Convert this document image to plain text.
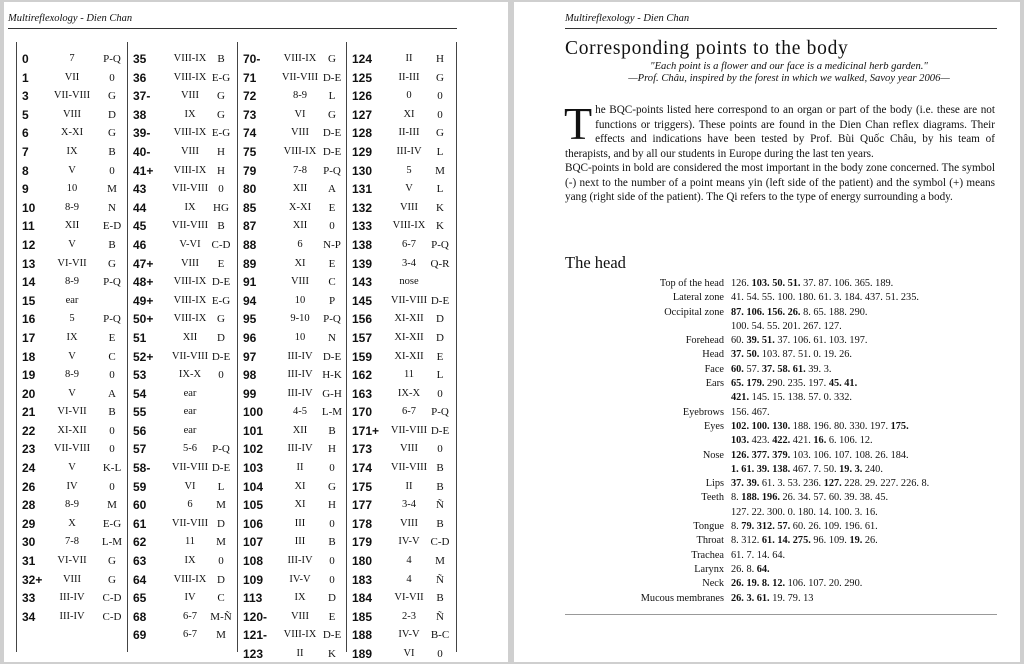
Multireflexology - Dien Chan
0	7	P-Q
1	VII	0
3 VII-VIII G
5	VIII D
6	X-XI G
7	IX	B
8	V	0
9	10	M
10	8-9	N
11	XII E-D
12	V	B
13 VI-VII G
14	8-9 P-Q
15	ear
16	5	P-Q
17	IX	E
18	V	C
19	8-9	0
20	V	A
21 VI-VII B
22 XI-XII 0
23 VII-VIII 0
24	V K-L
26	IV	0
28	8-9	M
29	X E-G
30	7-8 L-M
31 VI-VII G
32+ VIII G
33 III-IV C-D
34 III-IV C-D
35	VIII-IX B
36	VIII-IX E-G
37-	VIII G
38	IX G
39- VIII-IX E-G
40-	VIII H
41+ VIII-IX H
43 VII-VIII 0
44	IX HG
45 VII-VIII B
46	V-VI C-D
47+	VIII E
48+ VIII-IX D-E
49+ VIII-IX E-G
50+ VIII-IX G
51	XII D
52+ VII-VIII D-E
53	IX-X 0
54	ear
55	ear
56	ear
57	5-6 P-Q
58- VII-VIII D-E
59	VI L
60	6 M
61 VII-VIII D
62	11 M
63	IX 0
64	VIII-IX D
65	IV C
68	6-7 M-Ñ
69	6-7 M
70- VIII-IX G
71 VII-VIII D-E
72	8-9 L
73	VI G
74	VIII D-E
75	VIII-IX D-E
79	7-8 P-Q
80	XII A
85	X-XI E
87	XII 0
88	6 N-P
89	XI E
91	VIII C
94	10 P
95	9-10 P-Q
96	10 N
97	III-IV D-E
98	III-IV H-K
99	III-IV G-H
100	4-5 L-M
101	XII B
102 III-IV H
103	II 0
104	XI G
105	XI H
106	III 0
107	III B
108 III-IV 0
109	IV-V 0
113	IX D
120- VIII E
121- VIII-IX D-E
123	II K
124	II H
125	II-III G
126	0 0
127	XI 0
128	II-III G
129 III-IV L
130	5 M
131	V L
132	VIII K
133 VIII-IX K
138	6-7 P-Q
139	3-4 Q-R
143	nose
145 VII-VIII D-E
156 XI-XII D
157 XI-XII D
159 XI-XII E
162	11 L
163 IX-X 0
170	6-7 P-Q
171+ VII-VIII D-E
173	VIII 0
174 VII-VIII B
175	II B
177	3-4 Ñ
178	VIII B
179	IV-V C-D
180	4 M
183	4 Ñ
184 VI-VII B
185	2-3 Ñ
188	IV-V B-C
189	VI 0
Multireflexology - Dien Chan
Corresponding points to the body
"Each point is a flower and our face is a medicinal herb garden."
—Prof. Châu, inspired by the forest in which we walked, Savoy year 2006—
T he BQC-points listed here correspond to an organ or part of the body (i.e. these are not functions or triggers). These points are found in the Dien Chan reflex diagrams. Their effects and indications have been tested by Prof. Bùi Quốc Châu, by his team of therapists, and by all our students in Europe during the last ten years.

BQC-points in bold are considered the most important in the body zone concerned. The symbol (-) next to the number of a point means yin (left side of the patient) and the symbol (+) means yang (right side of the patient). The Qi refers to the type of energy surrounding a body.

The head
Top of the head 126. 103. 50. 51. 37. 87. 106. 365. 189.
Lateral zone 41. 54. 55. 100. 180. 61. 3. 184. 437. 51. 235.
Occipital zone 87. 106. 156. 26. 8. 65. 188. 290.
100. 54. 55. 201. 267. 127.
Forehead 60. 39. 51. 37. 106. 61. 103. 197.
Head 37. 50. 103. 87. 51. 0. 19. 26.
Face 60. 57. 37. 58. 61. 39. 3.
Ears 65. 179. 290. 235. 197. 45. 41.
421. 145. 15. 138. 57. 0. 332.
Eyebrows 156. 467.
Eyes 102. 100. 130. 188. 196. 80. 330. 197. 175.
103. 423. 422. 421. 16. 6. 106. 12.
Nose 126. 377. 379. 103. 106. 107. 108. 26. 184.
1. 61. 39. 138. 467. 7. 50. 19. 3. 240.
Lips 37. 39. 61. 3. 53. 236. 127. 228. 29. 227. 226. 8.
Teeth 8. 188. 196. 26. 34. 57. 60. 39. 38. 45.
127. 22. 300. 0. 180. 14. 100. 3. 16.
Tongue 8. 79. 312. 57. 60. 26. 109. 196. 61.
Throat 8. 312. 61. 14. 275. 96. 109. 19. 26.
Trachea 61. 7. 14. 64.
Larynx 26. 8. 64.
Neck 26. 19. 8. 12. 106. 107. 20. 290.
Mucous membranes 26. 3. 61. 19. 79. 13
